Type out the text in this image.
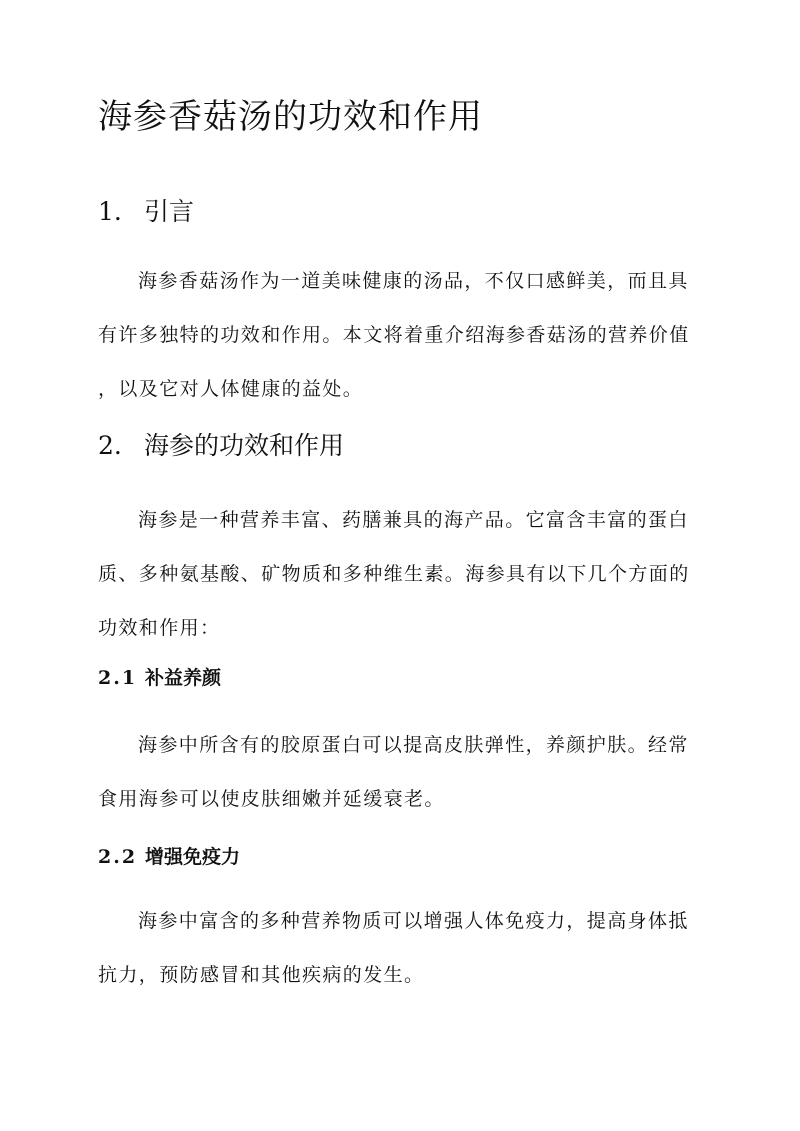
海参香菇汤的功效和作用
1. 引言
海参香菇汤作为一道美味健康的汤品，不仅口感鲜美，而且具
有许多独特的功效和作用。本文将着重介绍海参香菇汤的营养价值
，以及它对人体健康的益处。
2. 海参的功效和作用
海参是一种营养丰富、药膳兼具的海产品。它富含丰富的蛋白
质、多种氨基酸、矿物质和多种维生素。海参具有以下几个方面的
功效和作用：
2.1 补益养颜
海参中所含有的胶原蛋白可以提高皮肤弹性，养颜护肤。经常
食用海参可以使皮肤细嫩并延缓衰老。
2.2 增强免疫力
海参中富含的多种营养物质可以增强人体免疫力，提高身体抵
抗力，预防感冒和其他疾病的发生。
